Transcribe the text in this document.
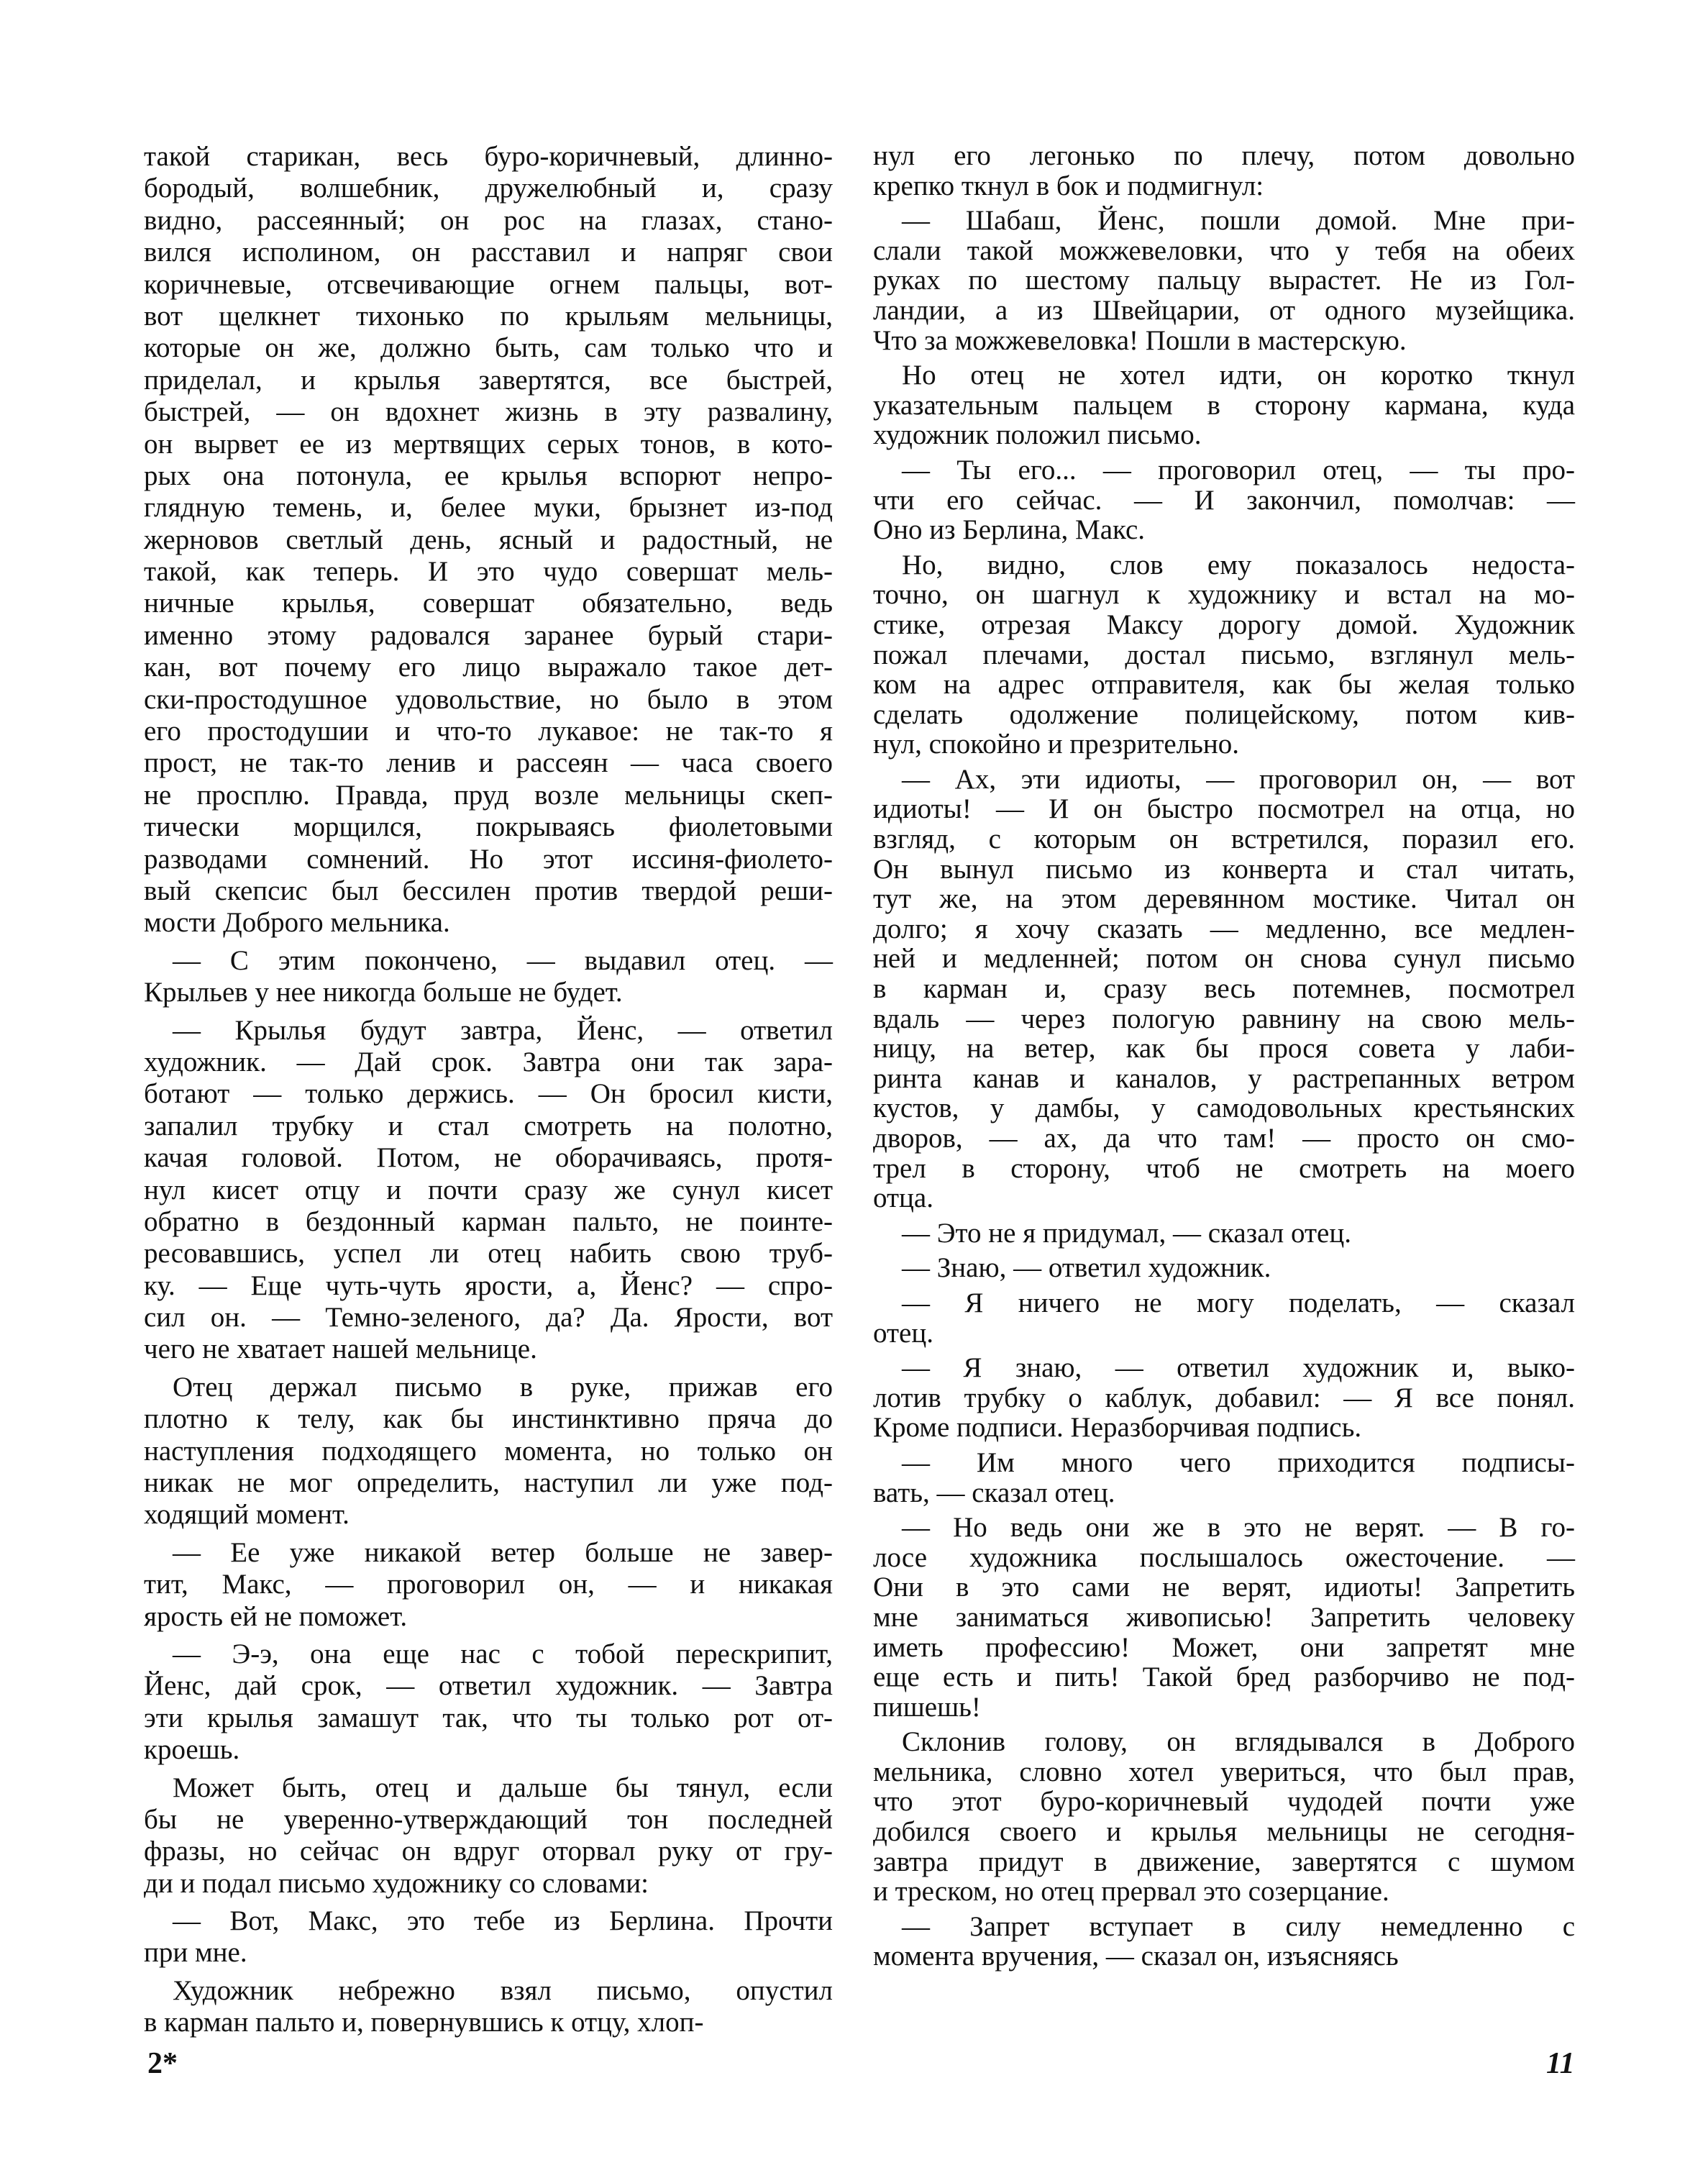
такой старикан, весь буро-коричневый, длинно-
бородый, волшебник, дружелюбный и, сразу
видно, рассеянный; он рос на глазах, стано-
вился исполином, он расставил и напряг свои
коричневые, отсвечивающие огнем пальцы, вот-
вот щелкнет тихонько по крыльям мельницы,
которые он же, должно быть, сам только что и
приделал, и крылья завертятся, все быстрей,
быстрей, — он вдохнет жизнь в эту развалину,
он вырвет ее из мертвящих серых тонов, в кото-
рых она потонула, ее крылья вспорют непро-
глядную темень, и, белее муки, брызнет из-под
жерновов светлый день, ясный и радостный, не
такой, как теперь. И это чудо совершат мель-
ничные крылья, совершат обязательно, ведь
именно этому радовался заранее бурый стари-
кан, вот почему его лицо выражало такое дет-
ски-простодушное удовольствие, но было в этом
его простодушии и что-то лукавое: не так-то я
прост, не так-то ленив и рассеян — часа своего
не просплю. Правда, пруд возле мельницы скеп-
тически морщился, покрываясь фиолетовыми
разводами сомнений. Но этот иссиня-фиолето-
вый скепсис был бессилен против твердой реши-
мости Доброго мельника.
— С этим покончено, — выдавил отец. —
Крыльев у нее никогда больше не будет.
— Крылья будут завтра, Йенс, — ответил
художник. — Дай срок. Завтра они так зара-
ботают — только держись. — Он бросил кисти,
запалил трубку и стал смотреть на полотно,
качая головой. Потом, не оборачиваясь, протя-
нул кисет отцу и почти сразу же сунул кисет
обратно в бездонный карман пальто, не поинте-
ресовавшись, успел ли отец набить свою труб-
ку. — Еще чуть-чуть ярости, а, Йенс? — спро-
сил он. — Темно-зеленого, да? Да. Ярости, вот
чего не хватает нашей мельнице.
Отец держал письмо в руке, прижав его
плотно к телу, как бы инстинктивно пряча до
наступления подходящего момента, но только он
никак не мог определить, наступил ли уже под-
ходящий момент.
— Ее уже никакой ветер больше не завер-
тит, Макс, — проговорил он, — и никакая
ярость ей не поможет.
— Э-э, она еще нас с тобой перескрипит,
Йенс, дай срок, — ответил художник. — Завтра
эти крылья замашут так, что ты только рот от-
кроешь.
Может быть, отец и дальше бы тянул, если
бы не уверенно-утверждающий тон последней
фразы, но сейчас он вдруг оторвал руку от гру-
ди и подал письмо художнику со словами:
— Вот, Макс, это тебе из Берлина. Прочти
при мне.
Художник небрежно взял письмо, опустил
в карман пальто и, повернувшись к отцу, хлоп-
нул его легонько по плечу, потом довольно
крепко ткнул в бок и подмигнул:
— Шабаш, Йенс, пошли домой. Мне при-
слали такой можжевеловки, что у тебя на обеих
руках по шестому пальцу вырастет. Не из Гол-
ландии, а из Швейцарии, от одного музейщика.
Что за можжевеловка! Пошли в мастерскую.
Но отец не хотел идти, он коротко ткнул
указательным пальцем в сторону кармана, куда
художник положил письмо.
— Ты его... — проговорил отец, — ты про-
чти его сейчас. — И закончил, помолчав: —
Оно из Берлина, Макс.
Но, видно, слов ему показалось недоста-
точно, он шагнул к художнику и встал на мо-
стике, отрезая Максу дорогу домой. Художник
пожал плечами, достал письмо, взглянул мель-
ком на адрес отправителя, как бы желая только
сделать одолжение полицейскому, потом кив-
нул, спокойно и презрительно.
— Ах, эти идиоты, — проговорил он, — вот
идиоты! — И он быстро посмотрел на отца, но
взгляд, с которым он встретился, поразил его.
Он вынул письмо из конверта и стал читать,
тут же, на этом деревянном мостике. Читал он
долго; я хочу сказать — медленно, все медлен-
ней и медленней; потом он снова сунул письмо
в карман и, сразу весь потемнев, посмотрел
вдаль — через пологую равнину на свою мель-
ницу, на ветер, как бы прося совета у лаби-
ринта канав и каналов, у растрепанных ветром
кустов, у дамбы, у самодовольных крестьянских
дворов, — ах, да что там! — просто он смо-
трел в сторону, чтоб не смотреть на моего
отца.
— Это не я придумал, — сказал отец.
— Знаю, — ответил художник.
— Я ничего не могу поделать, — сказал
отец.
— Я знаю, — ответил художник и, выко-
лотив трубку о каблук, добавил: — Я все понял.
Кроме подписи. Неразборчивая подпись.
— Им много чего приходится подписы-
вать, — сказал отец.
— Но ведь они же в это не верят. — В го-
лосе художника послышалось ожесточение. —
Они в это сами не верят, идиоты! Запретить
мне заниматься живописью! Запретить человеку
иметь профессию! Может, они запретят мне
еще есть и пить! Такой бред разборчиво не под-
пишешь!
Склонив голову, он вглядывался в Доброго
мельника, словно хотел увериться, что был прав,
что этот буро-коричневый чудодей почти уже
добился своего и крылья мельницы не сегодня-
завтра придут в движение, завертятся с шумом
и треском, но отец прервал это созерцание.
— Запрет вступает в силу немедленно с
момента вручения, — сказал он, изъясняясь
2*	11
